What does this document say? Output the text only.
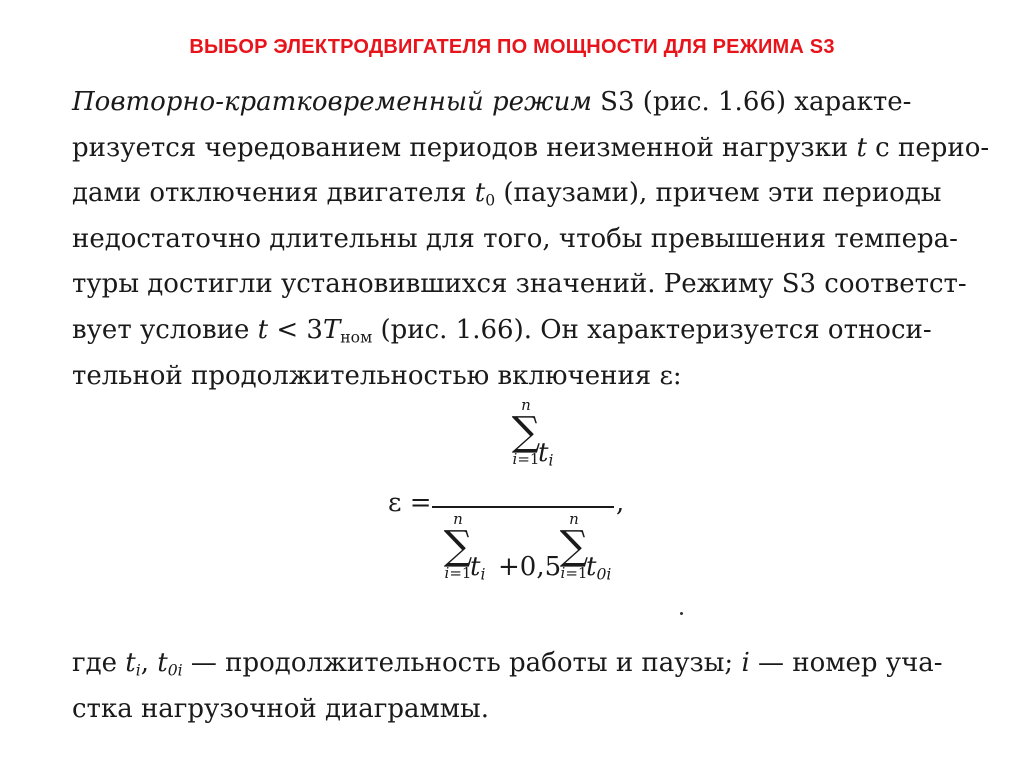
ВЫБОР ЭЛЕКТРОДВИГАТЕЛЯ ПО МОЩНОСТИ ДЛЯ РЕЖИМА S3
Повторно-кратковременный режим S3 (рис. 1.66) характе-
ризуется чередованием периодов неизменной нагрузки t с перио-
дами отключения двигателя $t_0$ (паузами), причем эти периоды
недостаточно длительны для того, чтобы превышения темпера-
туры достигли установившихся значений. Режиму S3 соответст-
вует условие $t < 3T_{ном}$ (рис. 1.66). Он характеризуется относи-
тельной продолжительностью включения ε:
ε =
n
∑
i=1
$t_i$
,
n
∑
i=1
$t_i +0,5$
n
∑
i=1
$t_{0i}$
где $t_i$, $t_{0i}$ — продолжительность работы и паузы; i — номер уча-
стка нагрузочной диаграммы.
